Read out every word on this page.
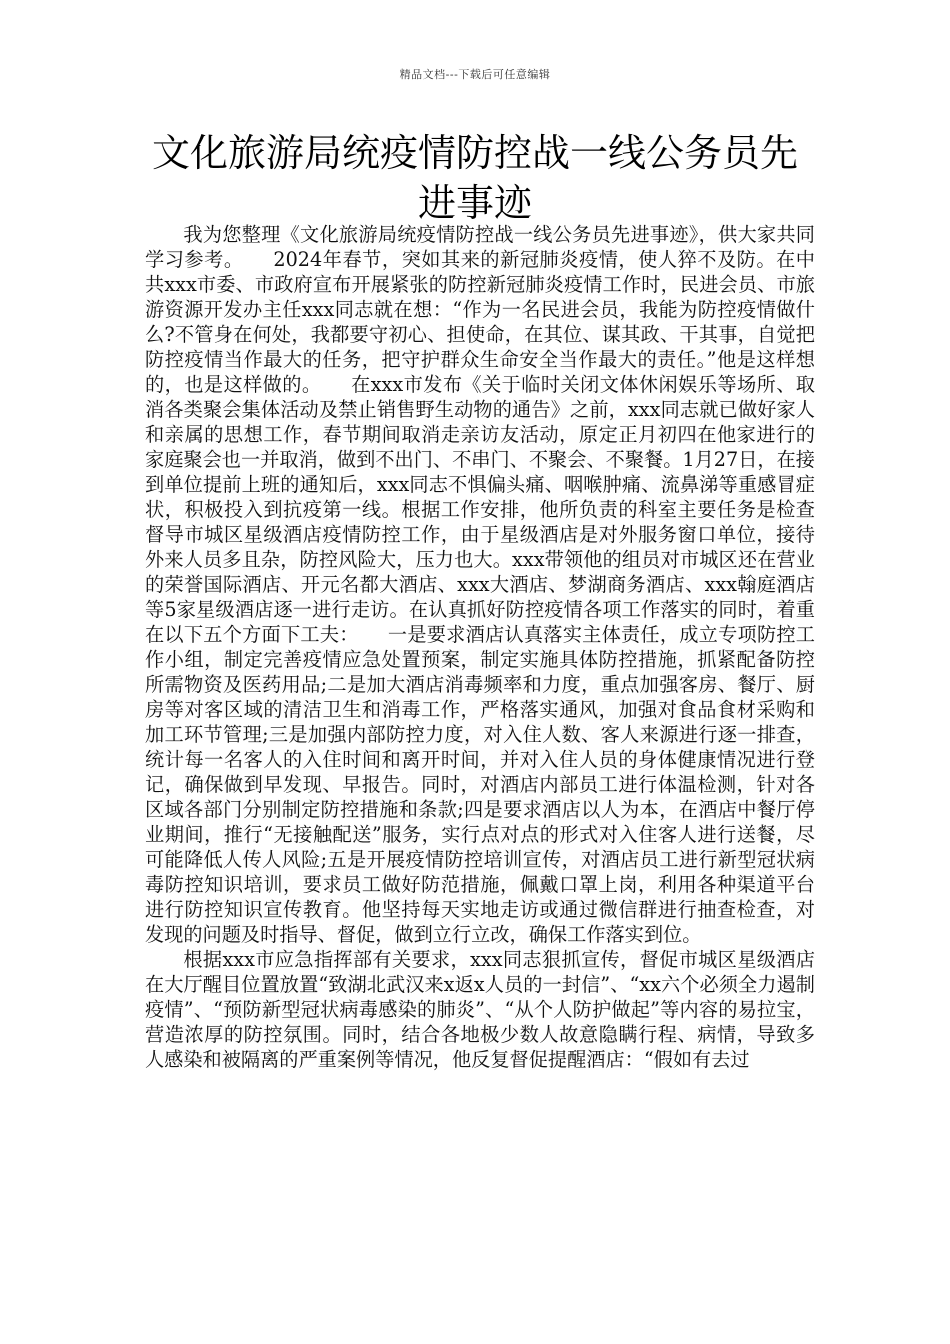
精品文档---下载后可任意编辑
文化旅游局统疫情防控战一线公务员先进事迹

我为您整理《文化旅游局统疫情防控战一线公务员先进事迹》，供大家共同学习参考。　　2024年春节，突如其来的新冠肺炎疫情，使人猝不及防。在中共xxx市委、市政府宣布开展紧张的防控新冠肺炎疫情工作时，民进会员、市旅游资源开发办主任xxx同志就在想：“作为一名民进会员，我能为防控疫情做什么?不管身在何处，我都要守初心、担使命，在其位、谋其政、干其事，自觉把防控疫情当作最大的任务，把守护群众生命安全当作最大的责任。”他是这样想的，也是这样做的。　　在xxx市发布《关于临时关闭文体休闲娱乐等场所、取消各类聚会集体活动及禁止销售野生动物的通告》之前，xxx同志就已做好家人和亲属的思想工作，春节期间取消走亲访友活动，原定正月初四在他家进行的家庭聚会也一并取消，做到不出门、不串门、不聚会、不聚餐。1月27日，在接到单位提前上班的通知后，xxx同志不惧偏头痛、咽喉肿痛、流鼻涕等重感冒症状，积极投入到抗疫第一线。根据工作安排，他所负责的科室主要任务是检查督导市城区星级酒店疫情防控工作，由于星级酒店是对外服务窗口单位，接待外来人员多且杂，防控风险大，压力也大。xxx带领他的组员对市城区还在营业的荣誉国际酒店、开元名都大酒店、xxx大酒店、梦湖商务酒店、xxx翰庭酒店等5家星级酒店逐一进行走访。在认真抓好防控疫情各项工作落实的同时，着重在以下五个方面下工夫：　　一是要求酒店认真落实主体责任，成立专项防控工作小组，制定完善疫情应急处置预案，制定实施具体防控措施，抓紧配备防控所需物资及医药用品;二是加大酒店消毒频率和力度，重点加强客房、餐厅、厨房等对客区域的清洁卫生和消毒工作，严格落实通风，加强对食品食材采购和加工环节管理;三是加强内部防控力度，对入住人数、客人来源进行逐一排查，统计每一名客人的入住时间和离开时间，并对入住人员的身体健康情况进行登记，确保做到早发现、早报告。同时，对酒店内部员工进行体温检测，针对各区域各部门分别制定防控措施和条款;四是要求酒店以人为本，在酒店中餐厅停业期间，推行“无接触配送”服务，实行点对点的形式对入住客人进行送餐，尽可能降低人传人风险;五是开展疫情防控培训宣传，对酒店员工进行新型冠状病毒防控知识培训，要求员工做好防范措施，佩戴口罩上岗，利用各种渠道平台进行防控知识宣传教育。他坚持每天实地走访或通过微信群进行抽查检查，对发现的问题及时指导、督促，做到立行立改，确保工作落实到位。

根据xxx市应急指挥部有关要求，xxx同志狠抓宣传，督促市城区星级酒店在大厅醒目位置放置“致湖北武汉来x返x人员的一封信”、“xx六个必须全力遏制疫情”、“预防新型冠状病毒感染的肺炎”、“从个人防护做起”等内容的易拉宝，营造浓厚的防控氛围。同时，结合各地极少数人故意隐瞒行程、病情，导致多人感染和被隔离的严重案例等情况，他反复督促提醒酒店：“假如有去过
